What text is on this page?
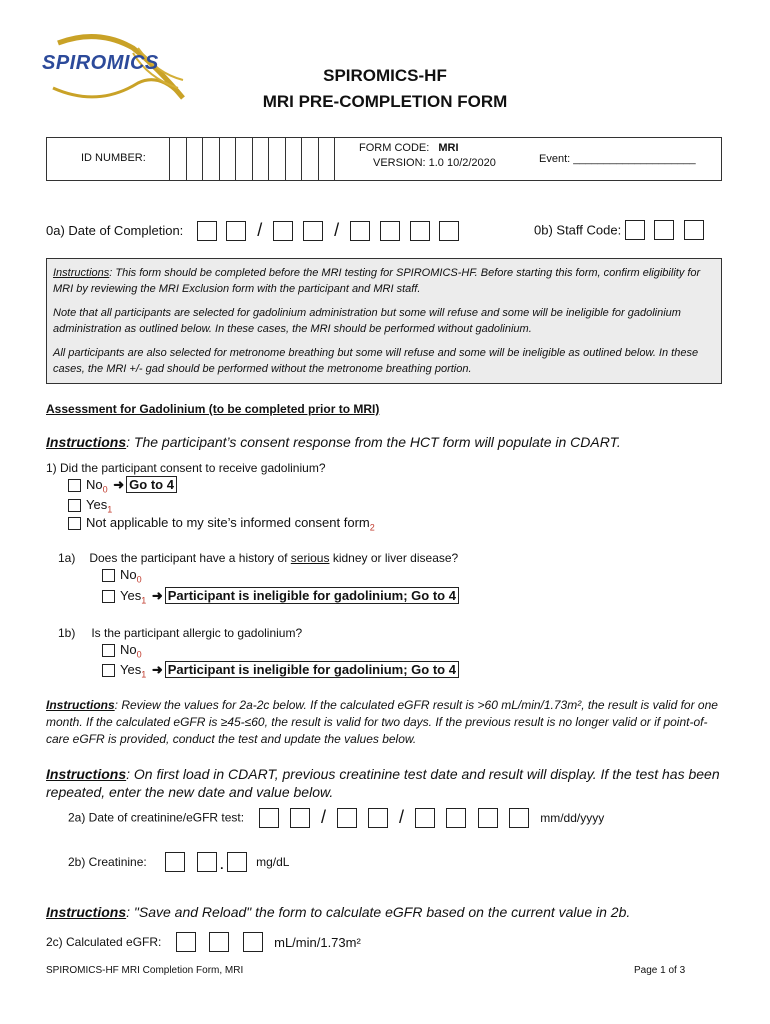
SPIROMICS
SPIROMICS-HF
MRI PRE-COMPLETION FORM
ID NUMBER:
FORM CODE: MRI
VERSION: 1.0 10/2/2020	Event: ____________________
0a) Date of Completion:	/	/	0b) Staff Code:
Instructions: This form should be completed before the MRI testing for SPIROMICS-HF. Before starting this form, confirm eligibility for MRI by reviewing the MRI Exclusion form with the participant and MRI staff.
Note that all participants are selected for gadolinium administration but some will refuse and some will be ineligible for gadolinium administration as outlined below. In these cases, the MRI should be performed without gadolinium.
All participants are also selected for metronome breathing but some will refuse and some will be ineligible as outlined below. In these cases, the MRI +/- gad should be performed without the metronome breathing portion.
Assessment for Gadolinium (to be completed prior to MRI)
Instructions: The participant’s consent response from the HCT form will populate in CDART.
1) Did the participant consent to receive gadolinium?
$No_0$ ➜ Go to 4
Yes$_1$
Not applicable to my site’s informed consent form$_2$
1a) Does the participant have a history of serious kidney or liver disease?
$No_0$
Yes$_1$ ➜ Participant is ineligible for gadolinium; Go to 4
1b) Is the participant allergic to gadolinium?
$No_0$
Yes$_1$ ➜ Participant is ineligible for gadolinium; Go to 4
Instructions: Review the values for 2a-2c below. If the calculated eGFR result is >60 mL/min/1.73m², the result is valid for one month. If the calculated eGFR is ≥45-≤60, the result is valid for two days. If the previous result is no longer valid or if point-of-care eGFR is provided, conduct the test and update the values below.
Instructions: On first load in CDART, previous creatinine test date and result will display. If the test has been repeated, enter the new date and value below.
2a) Date of creatinine/eGFR test:	/	/	mm/dd/yyyy
2b) Creatinine:	.	mg/dL
Instructions: "Save and Reload" the form to calculate eGFR based on the current value in 2b.
2c) Calculated eGFR:	mL/min/1.73m²
SPIROMICS-HF MRI Completion Form, MRI	Page 1 of 3
